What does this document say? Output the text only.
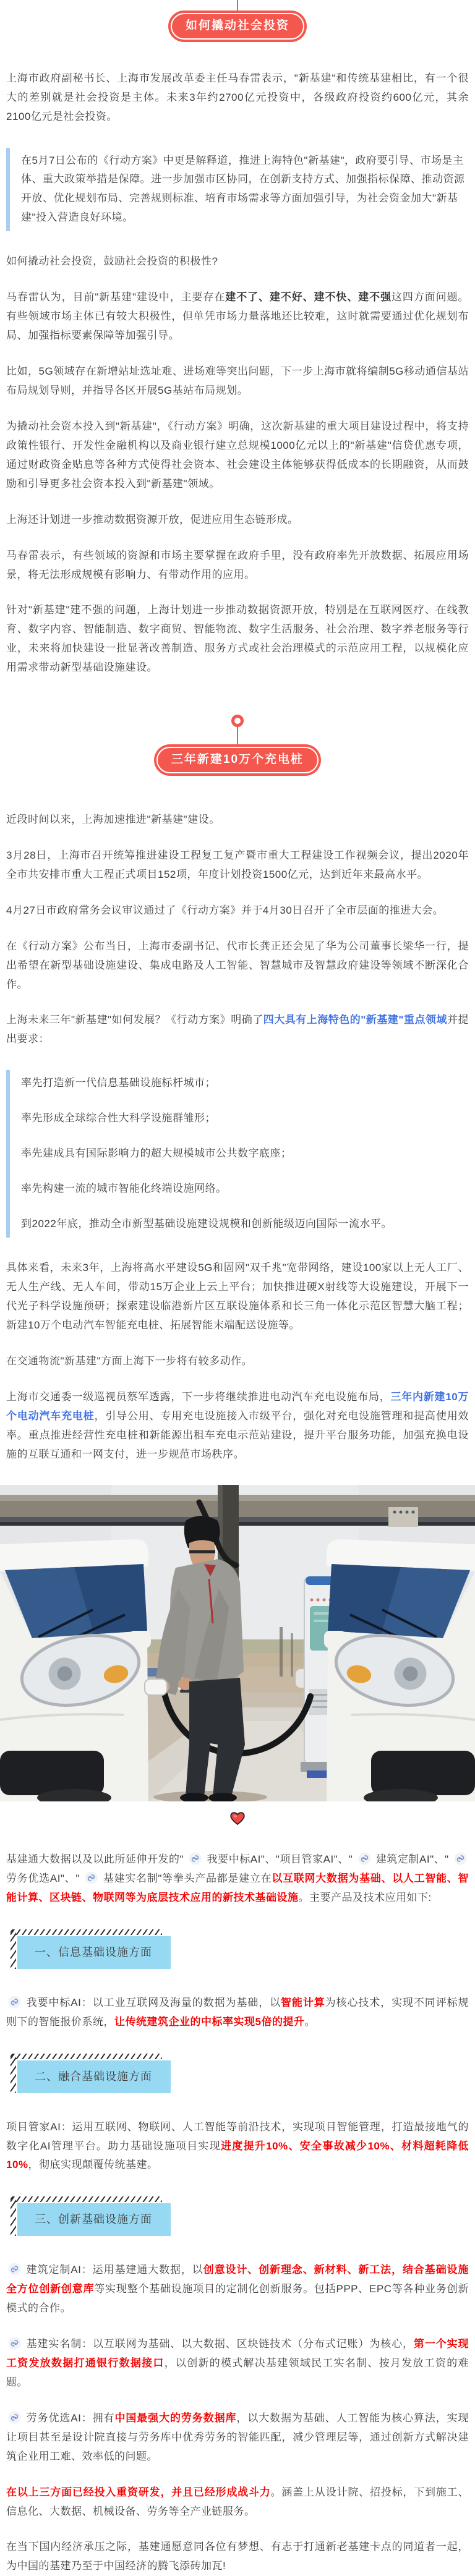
如何撬动社会投资

上海市政府副秘书长、上海市发展改革委主任马春雷表示，"新基建"和传统基建相比，有一个很大的差别就是社会投资是主体。未来3年约2700亿元投资中，各级政府投资约600亿元，其余2100亿元是社会投资。

在5月7日公布的《行动方案》中更是解释道，推进上海特色"新基建"，政府要引导、市场是主体、重大政策举措是保障。进一步加强市区协同，在创新支持方式、加强指标保障、推动资源开放、优化规划布局、完善规则标准、培育市场需求等方面加强引导，为社会资金加大"新基建"投入营造良好环境。

如何撬动社会投资，鼓励社会投资的积极性?

马春雷认为，目前"新基建"建设中，主要存在建不了、建不好、建不快、建不强这四方面问题。有些领域市场主体已有较大积极性，但单凭市场力量落地还比较难，这时就需要通过优化规划布局、加强指标要素保障等加强引导。

比如，5G领域存在新增站址选址难、进场难等突出问题，下一步上海市就将编制5G移动通信基站布局规划导则，并指导各区开展5G基站布局规划。

为撬动社会资本投入到"新基建"，《行动方案》明确，这次新基建的重大项目建设过程中，将支持政策性银行、开发性金融机构以及商业银行建立总规模1000亿元以上的"新基建"信贷优惠专项，通过财政资金贴息等各种方式使得社会资本、社会建设主体能够获得低成本的长期融资，从而鼓励和引导更多社会资本投入到"新基建"领域。

上海还计划进一步推动数据资源开放，促进应用生态链形成。

马春雷表示，有些领域的资源和市场主要掌握在政府手里，没有政府率先开放数据、拓展应用场景，将无法形成规模有影响力、有带动作用的应用。

针对"新基建"建不强的问题，上海计划进一步推动数据资源开放，特别是在互联网医疗、在线教育、数字内容、智能制造、数字商贸、智能物流、数字生活服务、社会治理、数字养老服务等行业，未来将加快建设一批显著改善制造、服务方式或社会治理模式的示范应用工程，以规模化应用需求带动新型基础设施建设。

三年新建10万个充电桩

近段时间以来，上海加速推进"新基建"建设。

3月28日，上海市召开统筹推进建设工程复工复产暨市重大工程建设工作视频会议，提出2020年全市共安排市重大工程正式项目152项，年度计划投资1500亿元，达到近年来最高水平。

4月27日市政府常务会议审议通过了《行动方案》并于4月30日召开了全市层面的推进大会。

在《行动方案》公布当日，上海市委副书记、代市长龚正还会见了华为公司董事长梁华一行，提出希望在新型基础设施建设、集成电路及人工智能、智慧城市及智慧政府建设等领域不断深化合作。

上海未来三年"新基建"如何发展？《行动方案》明确了四大具有上海特色的"新基建"重点领域并提出要求：

率先打造新一代信息基础设施标杆城市；

率先形成全球综合性大科学设施群雏形；

率先建成具有国际影响力的超大规模城市公共数字底座；

率先构建一流的城市智能化终端设施网络。

到2022年底，推动全市新型基础设施建设规模和创新能级迈向国际一流水平。

具体来看，未来3年，上海将高水平建设5G和固网"双千兆"宽带网络，建设100家以上无人工厂、无人生产线、无人车间，带动15万企业上云上平台；加快推进硬X射线等大设施建设，开展下一代光子科学设施预研；探索建设临港新片区互联设施体系和长三角一体化示范区智慧大脑工程；新建10万个电动汽车智能充电桩、拓展智能末端配送设施等。

在交通物流"新基建"方面上海下一步将有较多动作。

上海市交通委一级巡视员蔡军透露，下一步将继续推进电动汽车充电设施布局，三年内新建10万个电动汽车充电桩，引导公用、专用充电设施接入市级平台，强化对充电设施管理和提高使用效率。重点推进经营性充电桩和新能源出租车充电示范站建设，提升平台服务功能，加强充换电设施的互联互通和一网支付，进一步规范市场秩序。

基建通大数据以及以此所延伸开发的" 我要中标AI"、"项目管家AI"、" 建筑定制AI"、"  劳务优选AI"、" 基建实名制"等拳头产品都是建立在以互联网大数据为基础、以人工智能、智能计算、区块链、物联网等为底层技术应用的新技术基础设施。主要产品及技术应用如下:

一、信息基础设施方面

我要中标AI：以工业互联网及海量的数据为基础，以智能计算为核心技术，实现不同评标规则下的智能报价系统，让传统建筑企业的中标率实现5倍的提升。

二、融合基础设施方面

项目管家AI：运用互联网、物联网、人工智能等前沿技术，实现项目智能管理，打造最接地气的数字化AI管理平台。助力基础设施项目实现进度提升10%、安全事故减少10%、材料超耗降低10%，彻底实现颠覆传统基建。

三、创新基础设施方面

建筑定制AI：运用基建通大数据，以创意设计、创新理念、新材料、新工法，结合基础设施全方位创新创意库等实现整个基础设施项目的定制化创新服务。包括PPP、EPC等各种业务创新模式的合作。

基建实名制：以互联网为基础、以大数据、区块链技术（分布式记账）为核心，第一个实现工资发放数据打通银行数据接口，以创新的模式解决基建领域民工实名制、按月发放工资的难题。

劳务优选AI：拥有中国最强大的劳务数据库，以大数据为基础、人工智能为核心算法，实现让项目甚至是设计院直接与劳务库中优秀劳务的智能匹配，减少管理层等，通过创新方式解决建筑企业用工难、效率低的问题。

在以上三方面已经投入重资研发，并且已经形成战斗力。涵盖上从设计院、招投标，下到施工、信息化、大数据、机械设备、劳务等全产业链服务。

在当下国内经济承压之际，基建通愿意同各位有梦想、有志于打通新老基建卡点的同道者一起，为中国的基建乃至于中国经济的腾飞添砖加瓦!
